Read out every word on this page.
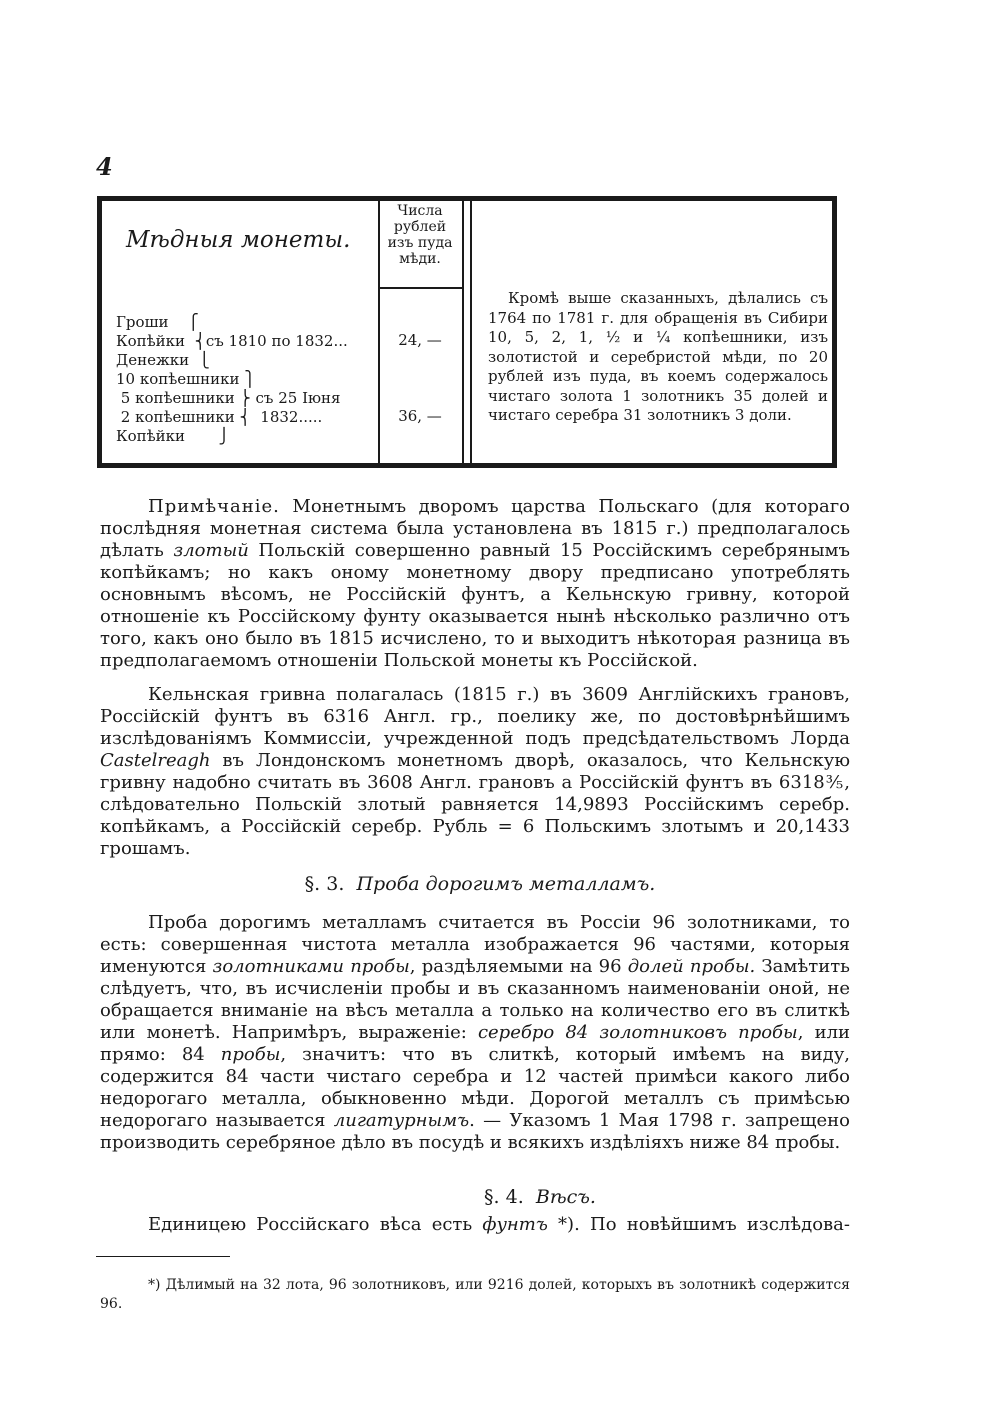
4
Мѣдныя монеты.
Числа рублей изъ пуда мѣди.
Гроши    ⎧
Копѣйки  ⎨съ 1810 по 1832...
Денежки  ⎩
10 копѣешники ⎫
5 копѣешники ⎬ съ 25 Іюня
2 копѣешники ⎨  1832.....
Копѣйки       ⎭
24, —
36, —
Кромѣ выше сказанныхъ, дѣлались съ 1764 по 1781 г. для обращенія въ Сибири 10, 5, 2, 1, ½ и ¼ копѣешники, изъ золотистой и серебристой мѣди, по 20 рублей изъ пуда, въ коемъ содержалось чистаго золота 1 золотникъ 35 долей и чистаго серебра 31 золотникъ 3 доли.
Примѣчаніе. Монетнымъ дворомъ царства Польскаго (для котораго послѣдняя монетная система была установлена въ 1815 г.) предполагалось дѣлать злотый Польскій совершенно равный 15 Россійскимъ серебрянымъ копѣйкамъ; но какъ оному монетному двору предписано употреблять основнымъ вѣсомъ, не Россійскій фунтъ, а Кельнскую гривну, которой отношеніе къ Россійскому фунту оказывается нынѣ нѣсколько различно отъ того, какъ оно было въ 1815 исчислено, то и выходитъ нѣкоторая разница въ предполагаемомъ отношеніи Польской монеты къ Россійской.
Кельнская гривна полагалась (1815 г.) въ 3609 Англійскихъ грановъ, Россійскій фунтъ въ 6316 Англ. гр., поелику же, по достовѣрнѣйшимъ изслѣдованіямъ Коммиссіи, учрежденной подъ предсѣдательствомъ Лорда Castelreagh въ Лондонскомъ монетномъ дворѣ, оказалось, что Кельнскую гривну надобно считать въ 3608 Англ. грановъ а Россійскій фунтъ въ 6318⅗, слѣдовательно Польскій злотый равняется 14,9893 Россійскимъ серебр. копѣйкамъ, а Россійскій серебр. Рубль = 6 Польскимъ злотымъ и 20,1433 грошамъ.
§. 3. Проба дорогимъ металламъ.
Проба дорогимъ металламъ считается въ Россіи 96 золотниками, то есть: совершенная чистота металла изображается 96 частями, которыя именуются золотниками пробы, раздѣляемыми на 96 долей пробы. Замѣтить слѣдуетъ, что, въ исчисленіи пробы и въ сказанномъ наименованіи оной, не обращается вниманіе на вѣсъ металла а только на количество его въ слиткѣ или монетѣ. Напримѣръ, выраженіе: серебро 84 золотниковъ пробы, или прямо: 84 пробы, значитъ: что въ слиткѣ, который имѣемъ на виду, содержится 84 части чистаго серебра и 12 частей примѣси какого либо недорогаго металла, обыкновенно мѣди. Дорогой металлъ съ примѣсью недорогаго называется лигатурнымъ. — Указомъ 1 Мая 1798 г. запрещено производить серебряное дѣло въ посудѣ и всякихъ издѣліяхъ ниже 84 пробы.
§. 4. Вѣсъ.
Единицею Россійскаго вѣса есть фунтъ *). По новѣйшимъ изслѣдова-
*) Дѣлимый на 32 лота, 96 золотниковъ, или 9216 долей, которыхъ въ золотникѣ содержится 96.
